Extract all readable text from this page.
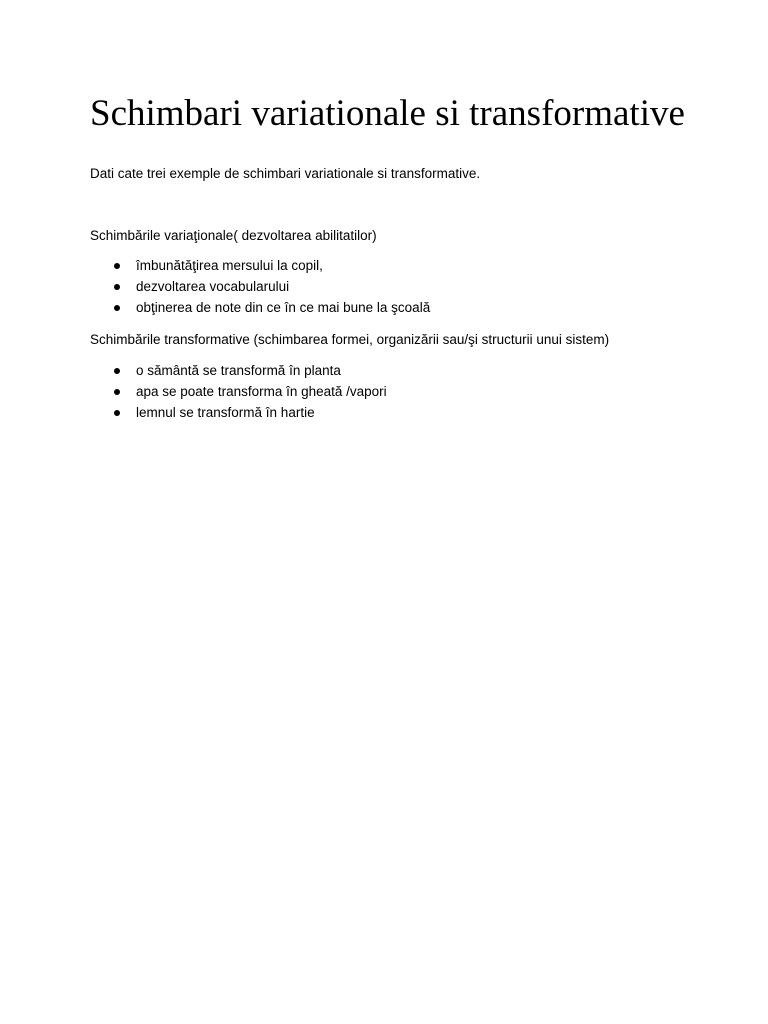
Schimbari variationale si transformative

Dati cate trei exemple de schimbari variationale si transformative.

Schimbările variaţionale( dezvoltarea abilitatilor)

îmbunătăţirea mersului la copil,
dezvoltarea vocabularului
obţinerea de note din ce în ce mai bune la şcoală

Schimbările transformative (schimbarea formei, organizării sau/şi structurii unui sistem)

o sământă se transformă în planta
apa se poate transforma în gheată /vapori
lemnul se transformă în hartie
